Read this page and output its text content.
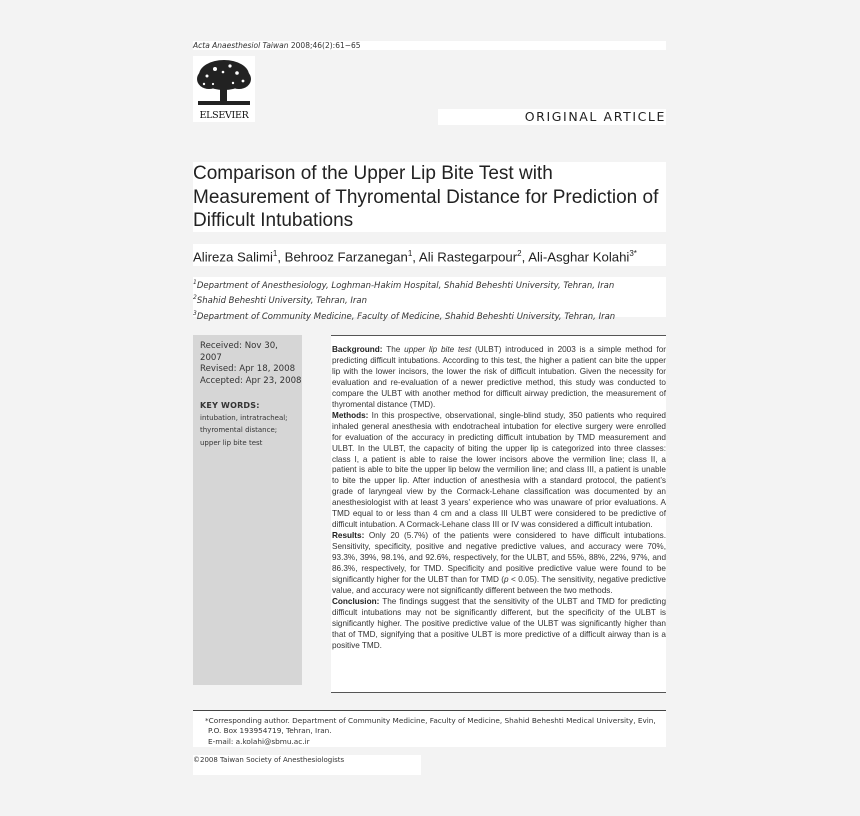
Acta Anaesthesiol Taiwan 2008;46(2):61−65
ELSEVIER	ORIGINAL ARTICLE
Comparison of the Upper Lip Bite Test with Measurement of Thyromental Distance for Prediction of Difficult Intubations
Alireza Salimi$^1$, Behrooz Farzanegan$^1$, Ali Rastegarpour$^2$, Ali-Asghar Kolahi$^{3*}$
$^1$Department of Anesthesiology, Loghman-Hakim Hospital, Shahid Beheshti University, Tehran, Iran
$^2$Shahid Beheshti University, Tehran, Iran
$^3$Department of Community Medicine, Faculty of Medicine, Shahid Beheshti University, Tehran, Iran
Received: Nov 30, 2007
Revised: Apr 18, 2008
Accepted: Apr 23, 2008
KEY WORDS:
intubation, intratracheal;
thyromental distance;
upper lip bite test

Background: The upper lip bite test (ULBT) introduced in 2003 is a simple method for predicting difficult intubations. According to this test, the higher a patient can bite the upper lip with the lower incisors, the lower the risk of difficult intubation. Given the necessity for evaluation and re-evaluation of a newer predictive method, this study was conducted to compare the ULBT with another method for difficult airway prediction, the measurement of thyromental distance (TMD).

Methods: In this prospective, observational, single-blind study, 350 patients who required inhaled general anesthesia with endotracheal intubation for elective surgery were enrolled for evaluation of the accuracy in predicting difficult intubation by TMD measurement and ULBT. In the ULBT, the capacity of biting the upper lip is categorized into three classes: class I, a patient is able to raise the lower incisors above the vermilion line; class II, a patient is able to bite the upper lip below the vermilion line; and class III, a patient is unable to bite the upper lip. After induction of anesthesia with a standard protocol, the patient’s grade of laryngeal view by the Cormack-Lehane classification was documented by an anesthesiologist with at least 3 years’ experience who was unaware of prior evaluations. A TMD equal to or less than 4 cm and a class III ULBT were considered to be predictive of difficult intubation. A Cormack-Lehane class III or IV was considered a difficult intubation.

Results: Only 20 (5.7%) of the patients were considered to have difficult intubations. Sensitivity, specificity, positive and negative predictive values, and accuracy were 70%, 93.3%, 39%, 98.1%, and 92.6%, respectively, for the ULBT, and 55%, 88%, 22%, 97%, and 86.3%, respectively, for TMD. Specificity and positive predictive value were found to be significantly higher for the ULBT than for TMD (p < 0.05). The sensitivity, negative predictive value, and accuracy were not significantly different between the two methods.

Conclusion: The findings suggest that the sensitivity of the ULBT and TMD for predicting difficult intubations may not be significantly different, but the specificity of the ULBT is significantly higher. The positive predictive value of the ULBT was significantly higher than that of TMD, signifying that a positive ULBT is more predictive of a difficult airway than is a positive TMD.

*Corresponding author. Department of Community Medicine, Faculty of Medicine, Shahid Beheshti Medical University, Evin,
P.O. Box 193954719, Tehran, Iran.
E-mail: a.kolahi@sbmu.ac.ir
©2008 Taiwan Society of Anesthesiologists
